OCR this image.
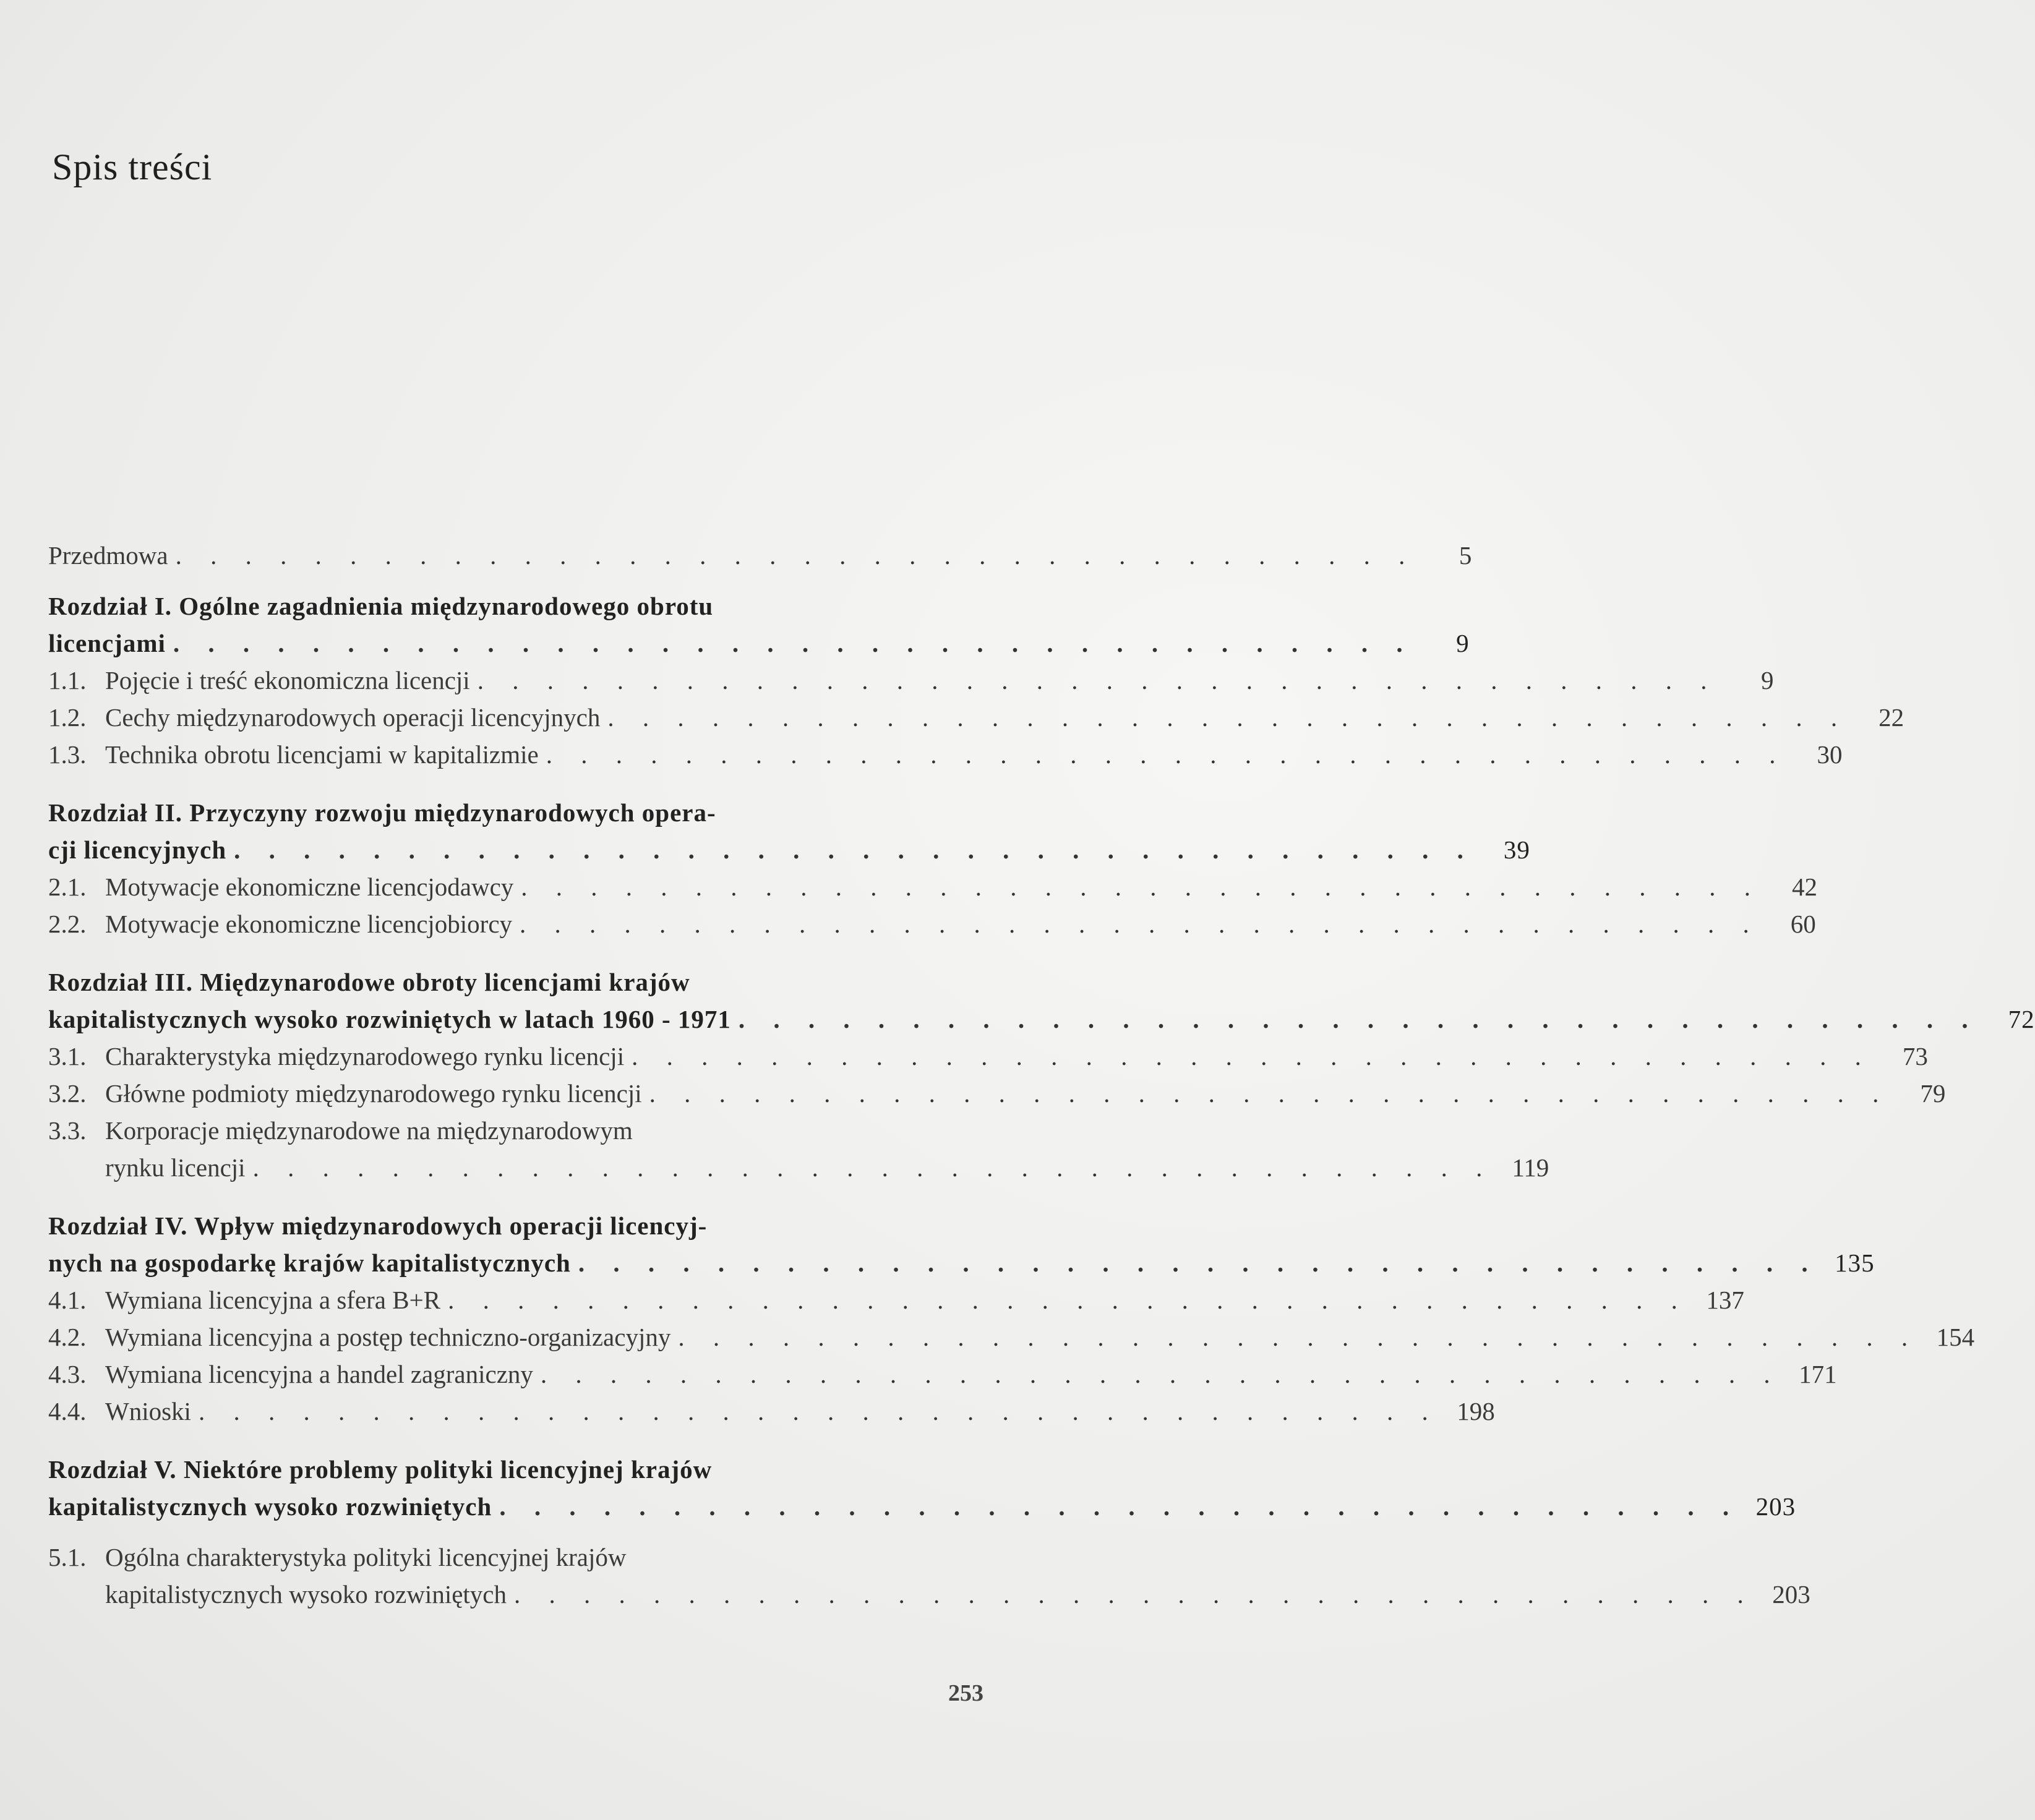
Spis treści
Przedmowa . . . . . . . . . . . . . . . . . . . . . . . . . . . . . . . . . . . .	5
Rozdział I. Ogólne zagadnienia międzynarodowego obrotu
licencjami . . . . . . . . . . . . . . . . . . . . . . . . . . . . . . . . . . . .	9
1.1. Pojęcie i treść ekonomiczna licencji . . . . . . . . . . . . . . . . . . . . . . . . . . . . . . . . . . . .	9
1.2. Cechy międzynarodowych operacji licencyjnych . . . . . . . . . . . . . . . . . . . . . . . . . . . . . . . . . . . .	22
1.3. Technika obrotu licencjami w kapitalizmie . . . . . . . . . . . . . . . . . . . . . . . . . . . . . . . . . . . .	30
Rozdział II. Przyczyny rozwoju międzynarodowych opera-
cji licencyjnych . . . . . . . . . . . . . . . . . . . . . . . . . . . . . . . . . . . .	39
2.1. Motywacje ekonomiczne licencjodawcy . . . . . . . . . . . . . . . . . . . . . . . . . . . . . . . . . . . .	42
2.2. Motywacje ekonomiczne licencjobiorcy . . . . . . . . . . . . . . . . . . . . . . . . . . . . . . . . . . . .	60
Rozdział III. Międzynarodowe obroty licencjami krajów
kapitalistycznych wysoko rozwiniętych w latach 1960 - 1971 . . . . . . . . . . . . . . . . . . . . . . . . . . . . . . . . . . . .	72
3.1. Charakterystyka międzynarodowego rynku licencji . . . . . . . . . . . . . . . . . . . . . . . . . . . . . . . . . . . .	73
3.2. Główne podmioty międzynarodowego rynku licencji . . . . . . . . . . . . . . . . . . . . . . . . . . . . . . . . . . . .	79
3.3. Korporacje międzynarodowe na międzynarodowym
rynku licencji . . . . . . . . . . . . . . . . . . . . . . . . . . . . . . . . . . . . 119
Rozdział IV. Wpływ międzynarodowych operacji licencyj-
nych na gospodarkę krajów kapitalistycznych . . . . . . . . . . . . . . . . . . . . . . . . . . . . . . . . . . . . 135
4.1. Wymiana licencyjna a sfera B+R . . . . . . . . . . . . . . . . . . . . . . . . . . . . . . . . . . . . 137
4.2. Wymiana licencyjna a postęp techniczno-organizacyjny . . . . . . . . . . . . . . . . . . . . . . . . . . . . . . . . . . . . 154
4.3. Wymiana licencyjna a handel zagraniczny . . . . . . . . . . . . . . . . . . . . . . . . . . . . . . . . . . . . 171
4.4. Wnioski . . . . . . . . . . . . . . . . . . . . . . . . . . . . . . . . . . . . 198
Rozdział V. Niektóre problemy polityki licencyjnej krajów
kapitalistycznych wysoko rozwiniętych . . . . . . . . . . . . . . . . . . . . . . . . . . . . . . . . . . . . 203
5.1. Ogólna charakterystyka polityki licencyjnej krajów
kapitalistycznych wysoko rozwiniętych . . . . . . . . . . . . . . . . . . . . . . . . . . . . . . . . . . . . 203
253
